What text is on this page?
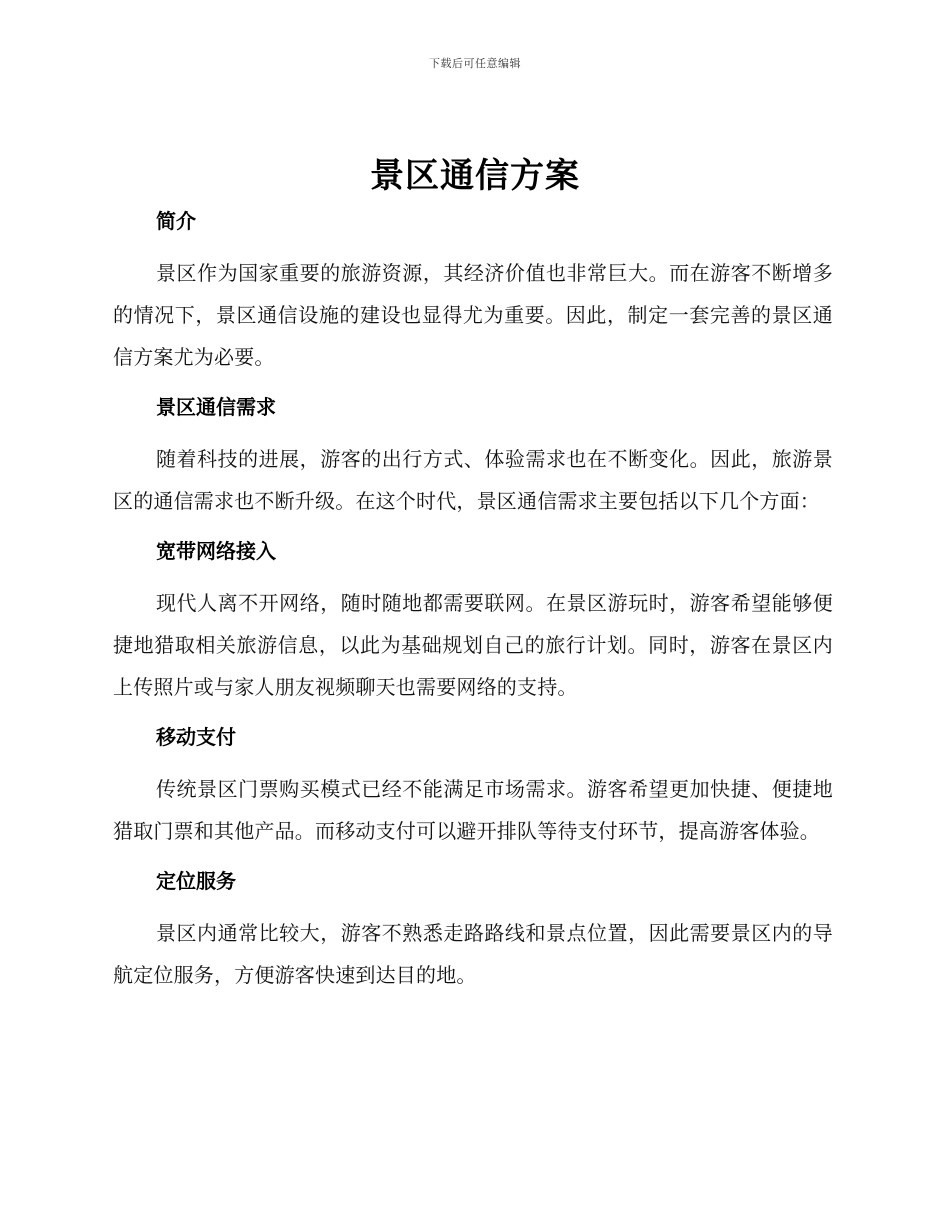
下载后可任意编辑
景区通信方案
简介

景区作为国家重要的旅游资源，其经济价值也非常巨大。而在游客不断增多的情况下，景区通信设施的建设也显得尤为重要。因此，制定一套完善的景区通信方案尤为必要。

景区通信需求

随着科技的进展，游客的出行方式、体验需求也在不断变化。因此，旅游景区的通信需求也不断升级。在这个时代，景区通信需求主要包括以下几个方面：

宽带网络接入

现代人离不开网络，随时随地都需要联网。在景区游玩时，游客希望能够便捷地猎取相关旅游信息，以此为基础规划自己的旅行计划。同时，游客在景区内上传照片或与家人朋友视频聊天也需要网络的支持。

移动支付

传统景区门票购买模式已经不能满足市场需求。游客希望更加快捷、便捷地猎取门票和其他产品。而移动支付可以避开排队等待支付环节，提高游客体验。

定位服务

景区内通常比较大，游客不熟悉走路路线和景点位置，因此需要景区内的导航定位服务，方便游客快速到达目的地。
